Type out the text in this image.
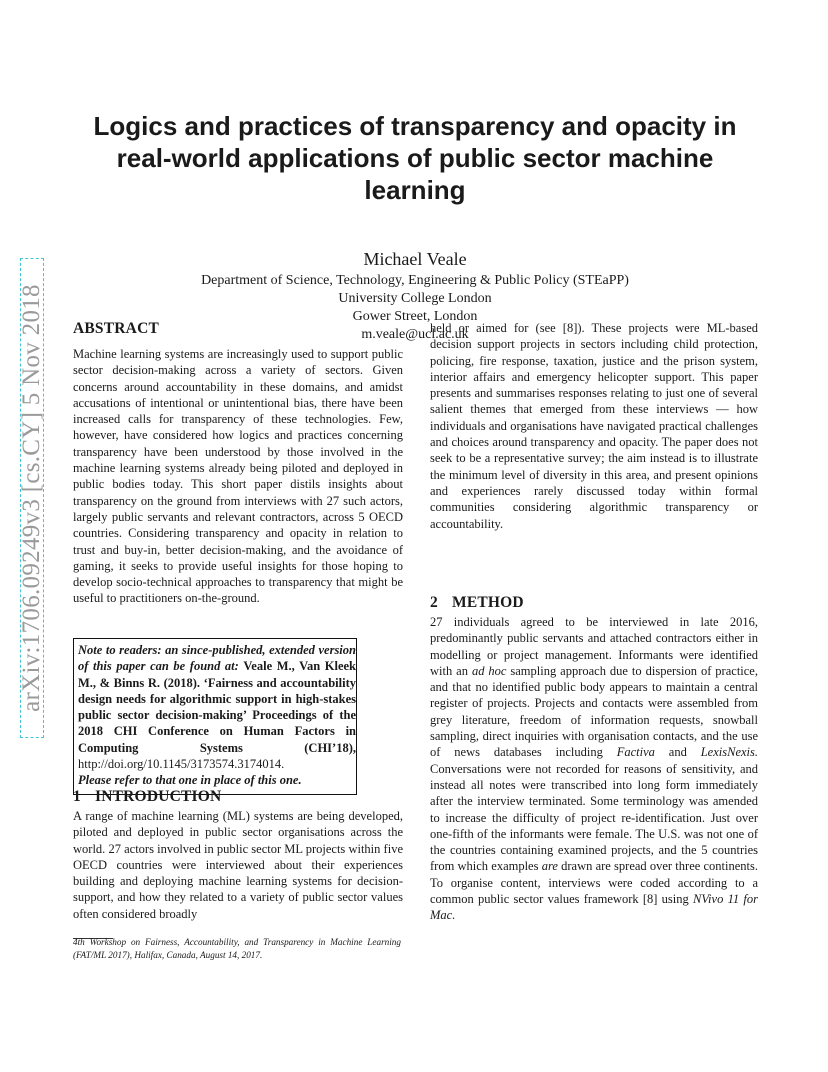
arXiv:1706.09249v3 [cs.CY] 5 Nov 2018
Logics and practices of transparency and opacity in real-world applications of public sector machine learning
Michael Veale
Department of Science, Technology, Engineering & Public Policy (STEaPP)
University College London
Gower Street, London
m.veale@ucl.ac.uk
ABSTRACT

Machine learning systems are increasingly used to support public sector decision-making across a variety of sectors. Given concerns around accountability in these domains, and amidst accusations of intentional or unintentional bias, there have been increased calls for transparency of these technologies. Few, however, have considered how logics and practices concerning transparency have been understood by those involved in the machine learning systems already being piloted and deployed in public bodies today. This short paper distils insights about transparency on the ground from interviews with 27 such actors, largely public servants and relevant contractors, across 5 OECD countries. Considering transparency and opacity in relation to trust and buy-in, better decision-making, and the avoidance of gaming, it seeks to provide useful insights for those hoping to develop socio-technical approaches to transparency that might be useful to practitioners on-the-ground.

Note to readers: an since-published, extended version of this paper can be found at: Veale M., Van Kleek M., & Binns R. (2018). ‘Fairness and accountability design needs for algorithmic support in high-stakes public sector decision-making’ Proceedings of the 2018 CHI Conference on Human Factors in Computing Systems (CHI’18), http://doi.org/10.1145/3173574.3174014.
Please refer to that one in place of this one.
1 INTRODUCTION

A range of machine learning (ML) systems are being developed, piloted and deployed in public sector organisations across the world. 27 actors involved in public sector ML projects within five OECD countries were interviewed about their experiences building and deploying machine learning systems for decision-support, and how they related to a variety of public sector values often considered broadly

4th Workshop on Fairness, Accountability, and Transparency in Machine Learning (FAT/ML 2017), Halifax, Canada, August 14, 2017.

held or aimed for (see [8]). These projects were ML-based decision support projects in sectors including child protection, policing, fire response, taxation, justice and the prison system, interior affairs and emergency helicopter support. This paper presents and summarises responses relating to just one of several salient themes that emerged from these interviews — how individuals and organisations have navigated practical challenges and choices around transparency and opacity. The paper does not seek to be a representative survey; the aim instead is to illustrate the minimum level of diversity in this area, and present opinions and experiences rarely discussed today within formal communities considering algorithmic transparency or accountability.

2 METHOD

27 individuals agreed to be interviewed in late 2016, predominantly public servants and attached contractors either in modelling or project management. Informants were identified with an ad hoc sampling approach due to dispersion of practice, and that no identified public body appears to maintain a central register of projects. Projects and contacts were assembled from grey literature, freedom of information requests, snowball sampling, direct inquiries with organisation contacts, and the use of news databases including Factiva and LexisNexis. Conversations were not recorded for reasons of sensitivity, and instead all notes were transcribed into long form immediately after the interview terminated. Some terminology was amended to increase the difficulty of project re-identification. Just over one-fifth of the informants were female. The U.S. was not one of the countries containing examined projects, and the 5 countries from which examples are drawn are spread over three continents. To organise content, interviews were coded according to a common public sector values framework [8] using NVivo 11 for Mac.
